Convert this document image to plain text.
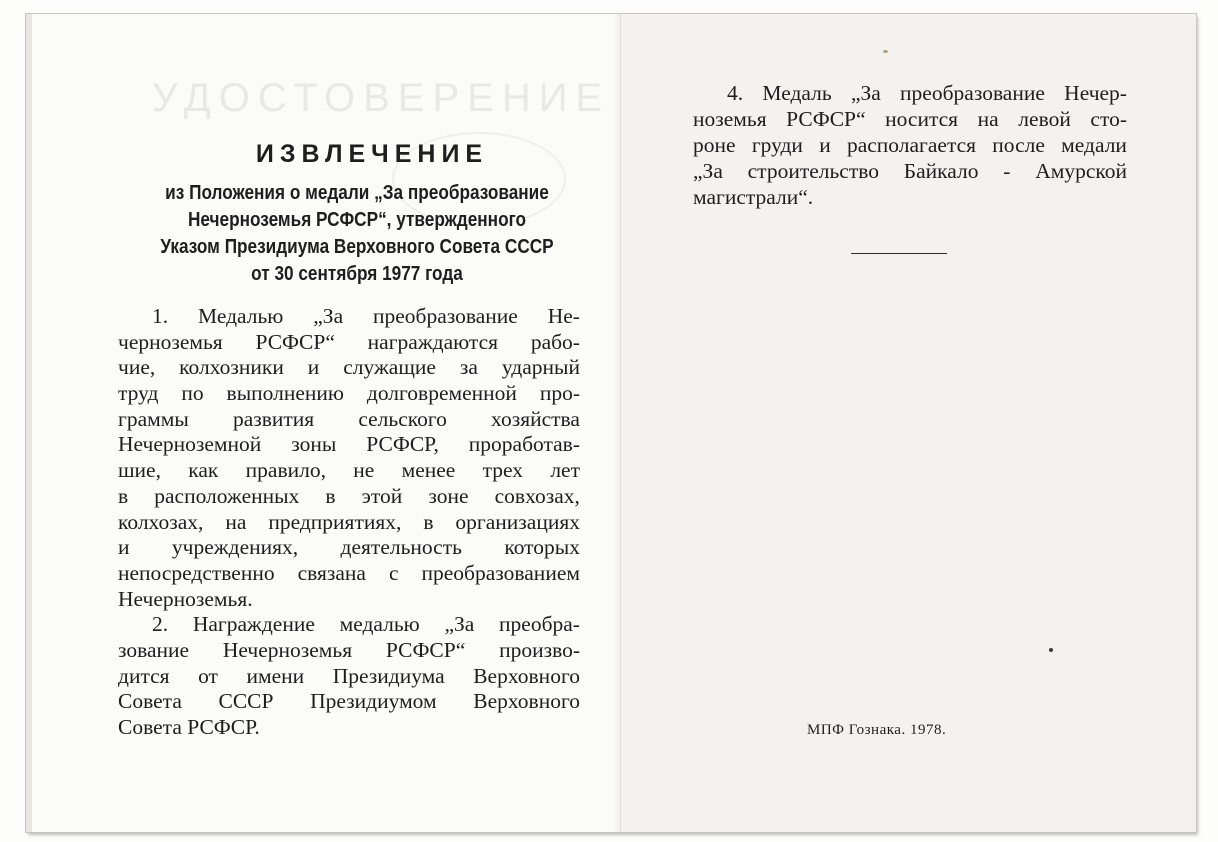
УДОСТОВЕРЕНИЕ
ИЗВЛЕЧЕНИЕ
из Положения о медали „За преобразование
Нечерноземья РСФСР“, утвержденного
Указом Президиума Верховного Совета СССР
от 30 сентября 1977 года
1. Медалью „За преобразование Не-
черноземья РСФСР“ награждаются рабо-
чие, колхозники и служащие за ударный
труд по выполнению долговременной про-
граммы развития сельского хозяйства
Нечерноземной зоны РСФСР, проработав-
шие, как правило, не менее трех лет
в расположенных в этой зоне совхозах,
колхозах, на предприятиях, в организациях
и учреждениях, деятельность которых
непосредственно связана с преобразованием
Нечерноземья.
2. Награждение медалью „За преобра-
зование Нечерноземья РСФСР“ произво-
дится от имени Президиума Верховного
Совета СССР Президиумом Верховного
Совета РСФСР.
4. Медаль „За преобразование Нечер-
ноземья РСФСР“ носится на левой сто-
роне груди и располагается после медали
„За строительство Байкало - Амурской
магистрали“.
МПФ Гознака. 1978.
